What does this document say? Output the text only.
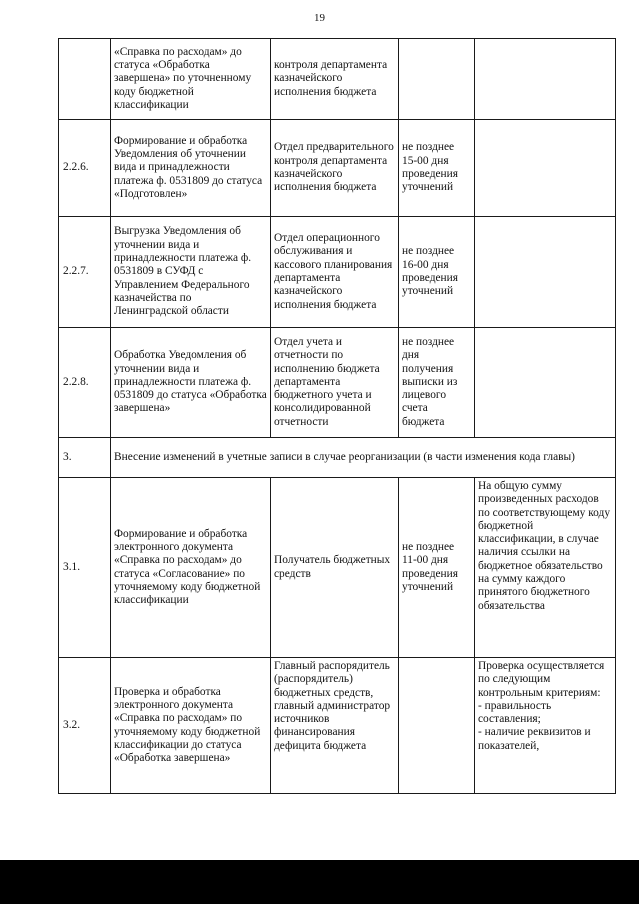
19
	«Справка по расходам» до статуса «Обработка завершена» по уточненному коду бюджетной классификации	контроля департамента казначейского исполнения бюджета		
2.2.6.	Формирование и обработка Уведомления об уточнении вида и принадлежности платежа ф. 0531809 до статуса «Подготовлен»	Отдел предварительного контроля департамента казначейского исполнения бюджета	не позднее 15-00 дня проведения уточнений	
2.2.7.	Выгрузка Уведомления об уточнении вида и принадлежности платежа ф. 0531809 в СУФД с Управлением Федерального казначейства по Ленинградской области	Отдел операционного обслуживания и кассового планирования департамента казначейского исполнения бюджета	не позднее 16-00 дня проведения уточнений	
2.2.8.	Обработка Уведомления об уточнении вида и принадлежности платежа ф. 0531809 до статуса «Обработка завершена»	Отдел учета и отчетности по исполнению бюджета департамента бюджетного учета и консолидированной отчетности	не позднее дня получения выписки из лицевого счета бюджета	
3.	Внесение изменений в учетные записи в случае реорганизации (в части изменения кода главы)			
3.1.	Формирование и обработка электронного документа «Справка по расходам» до статуса «Согласование» по уточняемому коду бюджетной классификации	Получатель бюджетных средств	не позднее 11-00 дня проведения уточнений	На общую сумму произведенных расходов по соответствующему коду бюджетной классификации, в случае наличия ссылки на бюджетное обязательство на сумму каждого принятого бюджетного обязательства
3.2.	Проверка и обработка электронного документа «Справка по расходам» по уточняемому коду бюджетной классификации до статуса «Обработка завершена»	Главный распорядитель (распорядитель) бюджетных средств, главный администратор источников финансирования дефицита бюджета		Проверка осуществляется по следующим контрольным критериям:
- правильность составления;
- наличие реквизитов и показателей,
